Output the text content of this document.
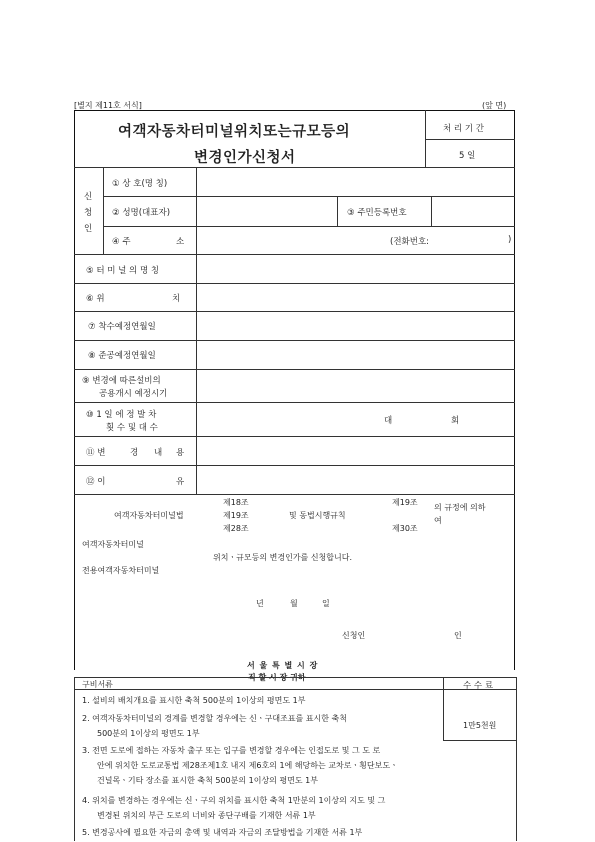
[별지 제11호 서식]	(앞 면)
여객자동차터미널위치또는규모등의
변경인가신청서
처 리 기 간
5 일
신
청
인
① 상 호(명 칭)
② 성명(대표자)	③ 주민등록번호
④ 주	소	(전화번호:	)
⑤ 터 미 널 의 명 칭
⑥ 위	치
⑦ 착수예정연월일
⑧ 준공예정연월일
⑨ 변경에 따른설비의
공용개시 예정시기
⑩ 1 일 에 정 발 차
횟 수 및 대 수
대	회
⑪ 변	경 내 용
⑫ 이	유
여객자동차터미널법
제18조
제19조
제28조
및 동법시행규칙
제19조
제30조
의 규정에 의하
여
여객자동차터미널
위치ㆍ규모등의 변경인가를 신청합니다.
전용여객자동차터미널
년	월	일
신청인	인
서 울 특 별 시 장
구비서류	수 수 료
1만5천원
1. 설비의 배치개요를 표시한 축척 500분의 1이상의 평면도 1부
2. 여객자동차터미널의 경계를 변경할 경우에는 신ㆍ구대조표를 표시한 축척
500분의 1이상의 평면도 1부
3. 전면 도로에 접하는 자동차 출구 또는 입구를 변경할 경우에는 인접도로 및 그 도 로
안에 위치한 도로교통법 제28조제1호 내지 제6호의 1에 해당하는 교차로ㆍ횡단보도ㆍ
건널목ㆍ기타 장소를 표시한 축척 500분의 1이상의 평면도 1부
4. 위치를 변경하는 경우에는 신ㆍ구의 위치를 표시한 축척 1만분의 1이상의 지도 및 그
변경된 위치의 부근 도로의 너비와 종단구배를 기재한 서류 1부
5. 변경공사에 필요한 자금의 총액 및 내역과 자금의 조달방법을 기재한 서류 1부
